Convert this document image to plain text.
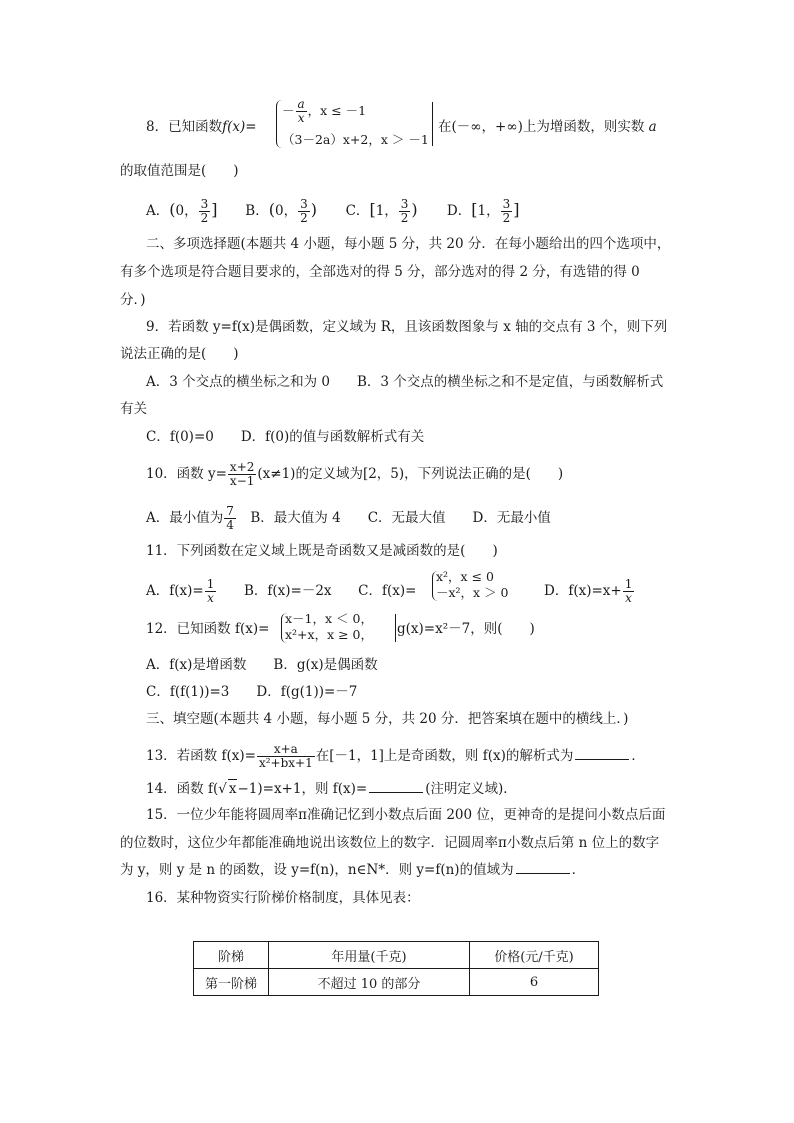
8．已知函数f(x)=
－ $\frac{a}{x}$ ，x ≤ －1
（3－2a）x+2，x ＞ －1
在(－∞，+∞)上为增函数，则实数 a
的取值范围是(　　)
A．(0， $\frac{3}{2}$ ] B．(0， $\frac{3}{2}$ ) C．[1， $\frac{3}{2}$ ) D．[1， $\frac{3}{2}$ ]
二、多项选择题(本题共 4 小题，每小题 5 分，共 20 分．在每小题给出的四个选项中，
有多个选项是符合题目要求的，全部选对的得 5 分，部分选对的得 2 分，有选错的得 0
分．)
9．若函数 y=f(x)是偶函数，定义域为 R，且该函数图象与 x 轴的交点有 3 个，则下列
说法正确的是(　　)
A．3 个交点的横坐标之和为 0　　B．3 个交点的横坐标之和不是定值，与函数解析式
有关
C．f(0)=0　　D．f(0)的值与函数解析式有关
10．函数 $y= \frac{x+2}{x-1} (x\ne 1)$的定义域为[2，5)，下列说法正确的是(　　)
A．最小值为 $\frac{7}{4}$ 　B．最大值为 4　　C．无最大值　　D．无最小值
11．下列函数在定义域上既是奇函数又是减函数的是(　　)
A．$f(x)= \frac{1}{x}$ B．f(x)=－2x C．f(x)=
x²，x ≤ 0
－x²，x ＞ 0	D．$f(x)=x+ \frac{1}{x}$
12．已知函数 f(x)=
x－1，x ＜ 0，
x²+x，x ≥ 0， g(x)=x²－7，则(　　)
A．f(x)是增函数　　B．g(x)是偶函数
C．f(f(1))=3　　D．f(g(1))=－7
三、填空题(本题共 4 小题，每小题 5 分，共 20 分．把答案填在题中的横线上．)
13．若函数 $f(x)= \frac{x+a}{\text{x²+bx+1}}$ 在[－1，1]上是奇函数，则 f(x)的解析式为	．
14．函数 f(√ x−1)=x+1，则 f(x)=	(注明定义域)．
15．一位少年能将圆周率π准确记忆到小数点后面 200 位，更神奇的是提问小数点后面
的位数时，这位少年都能准确地说出该数位上的数字．记圆周率π小数点后第 n 位上的数字
为 y，则 y 是 n 的函数，设 y=f(n)，n∈N*．则 y=f(n)的值域为	．
16．某种物资实行阶梯价格制度，具体见表：
阶梯	年用量(千克)	价格(元/千克)
第一阶梯	不超过 10 的部分	6
